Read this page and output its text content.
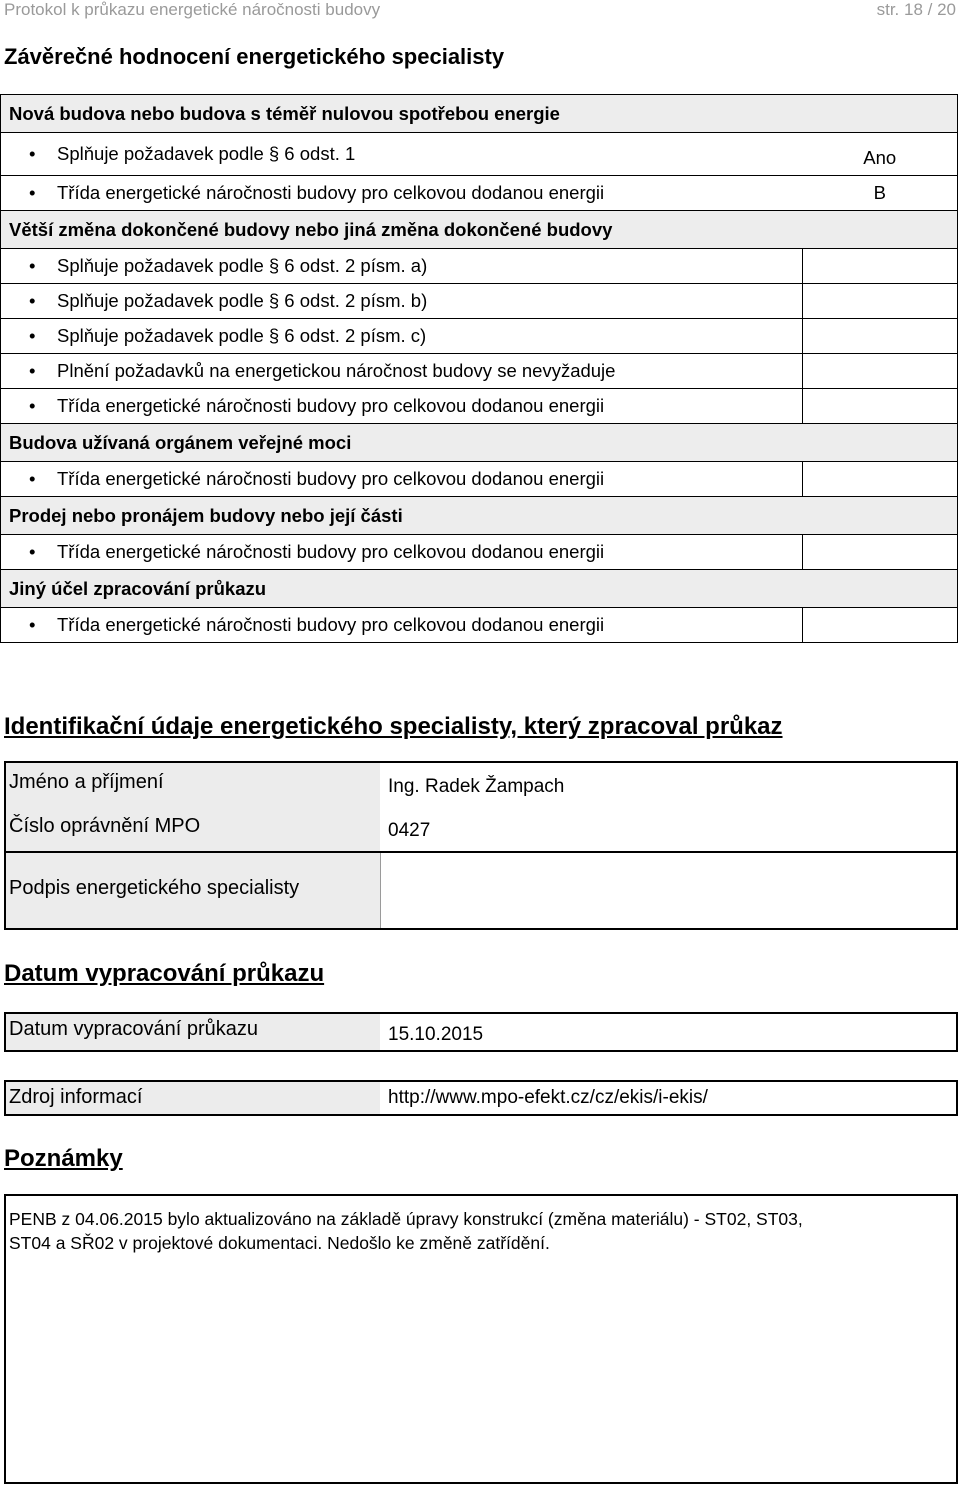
Protokol k průkazu energetické náročnosti budovy	str. 18 / 20
Závěrečné hodnocení energetického specialisty
Nová budova nebo budova s téměř nulovou spotřebou energie	
• Splňuje požadavek podle § 6 odst. 1	Ano
• Třída energetické náročnosti budovy pro celkovou dodanou energii	B
Větší změna dokončené budovy nebo jiná změna dokončené budovy	
• Splňuje požadavek podle § 6 odst. 2 písm. a)	
• Splňuje požadavek podle § 6 odst. 2 písm. b)	
• Splňuje požadavek podle § 6 odst. 2 písm. c)	
• Plnění požadavků na energetickou náročnost budovy se nevyžaduje	
• Třída energetické náročnosti budovy pro celkovou dodanou energii	
Budova užívaná orgánem veřejné moci	
• Třída energetické náročnosti budovy pro celkovou dodanou energii	
Prodej nebo pronájem budovy nebo její části	
• Třída energetické náročnosti budovy pro celkovou dodanou energii	
Jiný účel zpracování průkazu	
• Třída energetické náročnosti budovy pro celkovou dodanou energii	
Identifikační údaje energetického specialisty, který zpracoval průkaz
Jméno a příjmení	Ing. Radek Žampach
Číslo oprávnění MPO	0427
Podpis energetického specialisty
Datum vypracování průkazu
Datum vypracování průkazu	15.10.2015
Zdroj informací	http://www.mpo-efekt.cz/cz/ekis/i-ekis/
Poznámky
PENB z 04.06.2015 bylo aktualizováno na základě úpravy konstrukcí (změna materiálu) - ST02, ST03,
ST04 a SŘ02 v projektové dokumentaci. Nedošlo ke změně zatřídění.
